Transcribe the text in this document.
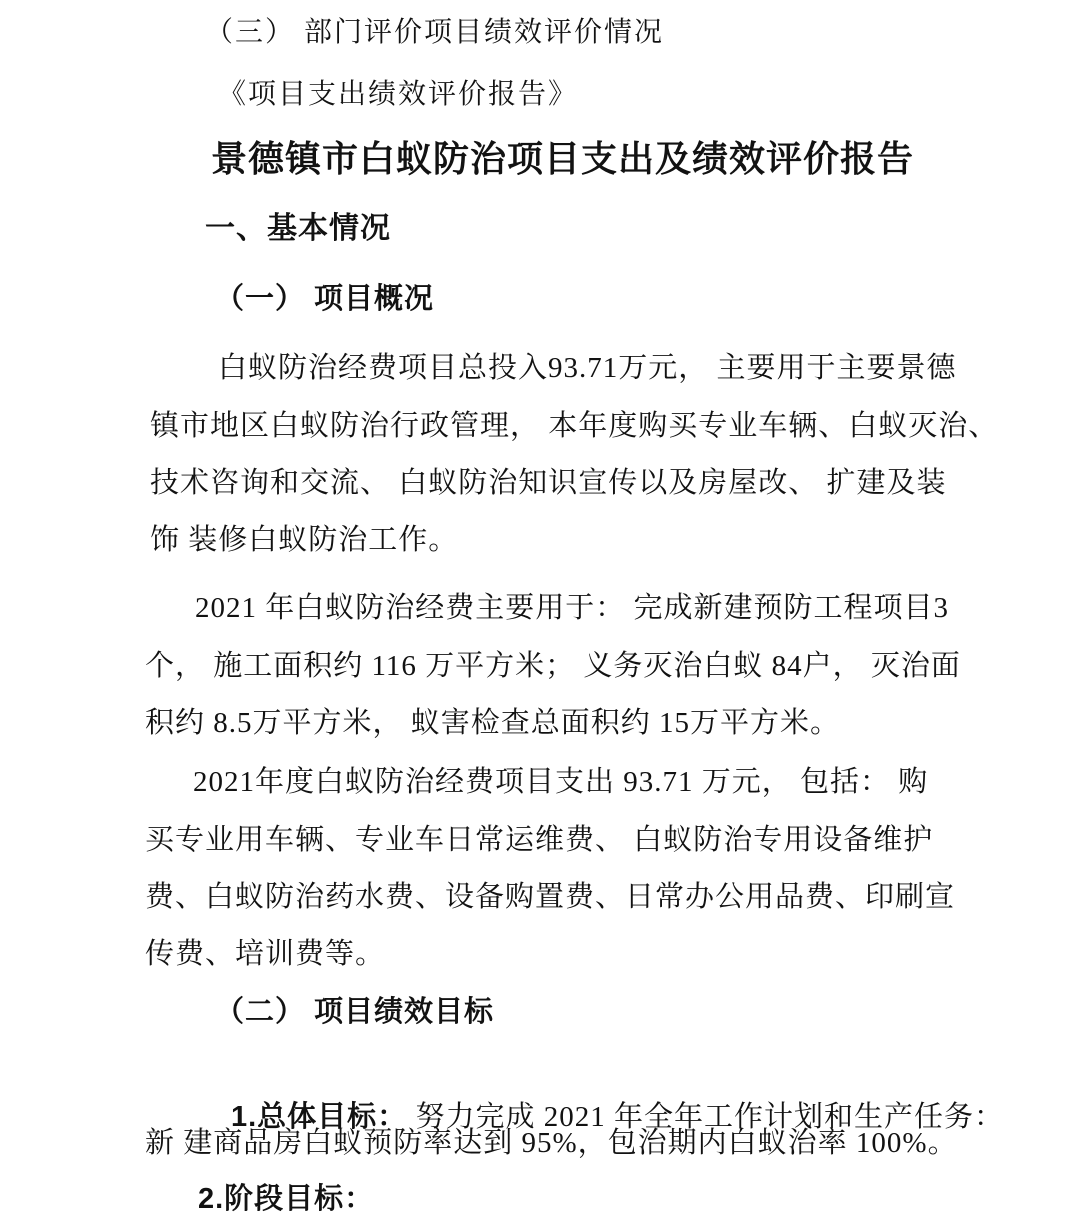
（三） 部门评价项目绩效评价情况
《项目支出绩效评价报告》
景德镇市白蚁防治项目支出及绩效评价报告
一、基本情况
（一） 项目概况
白蚁防治经费项目总投入93.71万元， 主要用于主要景德
镇市地区白蚁防治行政管理， 本年度购买专业车辆、白蚁灭治、
技术咨询和交流、 白蚁防治知识宣传以及房屋改、 扩建及装
饰 装修白蚁防治工作。
2021 年白蚁防治经费主要用于： 完成新建预防工程项目3
个， 施工面积约 116 万平方米； 义务灭治白蚁 84户， 灭治面
积约 8.5万平方米， 蚁害检查总面积约 15万平方米。
2021年度白蚁防治经费项目支出 93.71 万元， 包括： 购
买专业用车辆、专业车日常运维费、 白蚁防治专用设备维护
费、白蚁防治药水费、设备购置费、日常办公用品费、印刷宣
传费、培训费等。
（二） 项目绩效目标

1.总体目标： 努力完成 2021 年全年工作计划和生产任务：

新 建商品房白蚁预防率达到 95%，包治期内白蚁治率 100%。
2.阶段目标：
